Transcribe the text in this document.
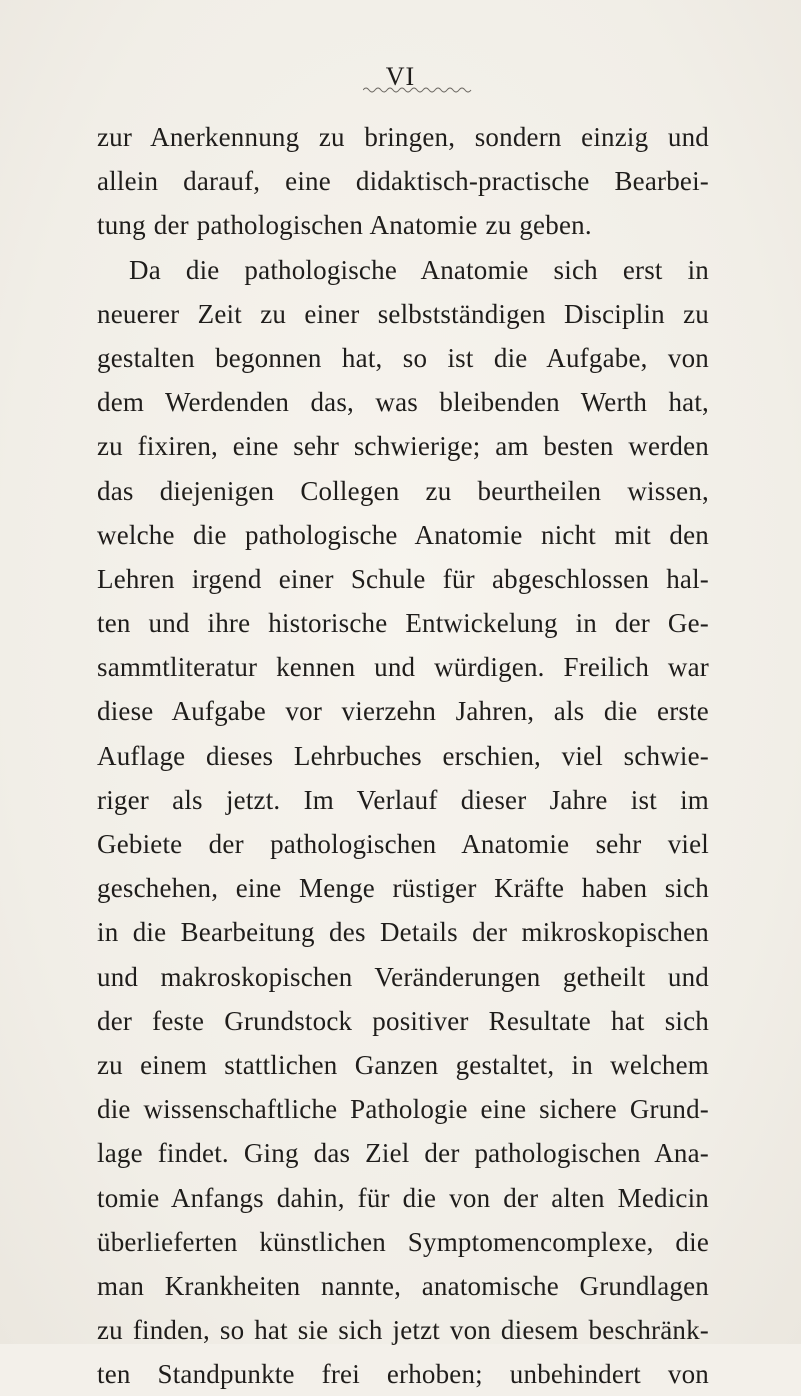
VI
zur Anerkennung zu bringen, sondern einzig und
allein darauf, eine didaktisch-practische Bearbei-
tung der pathologischen Anatomie zu geben.
Da die pathologische Anatomie sich erst in
neuerer Zeit zu einer selbstständigen Disciplin zu
gestalten begonnen hat, so ist die Aufgabe, von
dem Werdenden das, was bleibenden Werth hat,
zu fixiren, eine sehr schwierige; am besten werden
das diejenigen Collegen zu beurtheilen wissen,
welche die pathologische Anatomie nicht mit den
Lehren irgend einer Schule für abgeschlossen hal-
ten und ihre historische Entwickelung in der Ge-
sammtliteratur kennen und würdigen. Freilich war
diese Aufgabe vor vierzehn Jahren, als die erste
Auflage dieses Lehrbuches erschien, viel schwie-
riger als jetzt. Im Verlauf dieser Jahre ist im
Gebiete der pathologischen Anatomie sehr viel
geschehen, eine Menge rüstiger Kräfte haben sich
in die Bearbeitung des Details der mikroskopischen
und makroskopischen Veränderungen getheilt und
der feste Grundstock positiver Resultate hat sich
zu einem stattlichen Ganzen gestaltet, in welchem
die wissenschaftliche Pathologie eine sichere Grund-
lage findet. Ging das Ziel der pathologischen Ana-
tomie Anfangs dahin, für die von der alten Medicin
überlieferten künstlichen Symptomencomplexe, die
man Krankheiten nannte, anatomische Grundlagen
zu finden, so hat sie sich jetzt von diesem beschränk-
ten Standpunkte frei erhoben; unbehindert von
